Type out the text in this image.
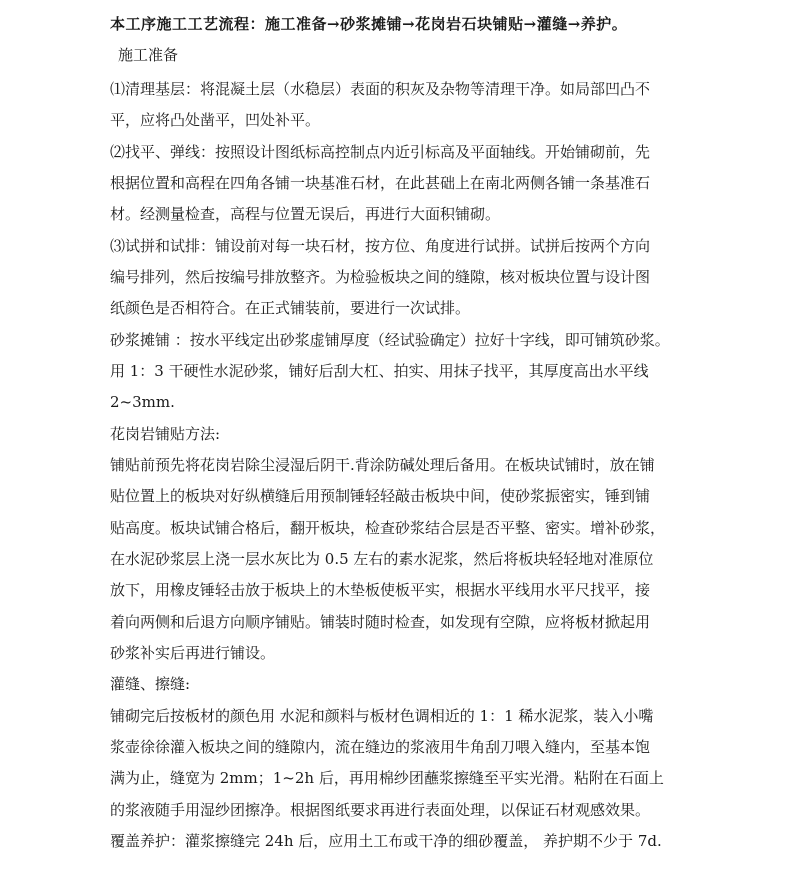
本工序施工工艺流程：施工准备→砂浆摊铺→花岗岩石块铺贴→灌缝→养护。
施工准备
⑴清理基层：将混凝土层（水稳层）表面的积灰及杂物等清理干净。如局部凹凸不
平，应将凸处凿平，凹处补平。
⑵找平、弹线：按照设计图纸标高控制点内近引标高及平面轴线。开始铺砌前，先
根据位置和高程在四角各铺一块基准石材，在此甚础上在南北两侧各铺一条基准石
材。经测量检查，高程与位置无误后，再进行大面积铺砌。
⑶试拼和试排：铺设前对每一块石材，按方位、角度进行试拼。试拼后按两个方向
编号排列，然后按编号排放整齐。为检验板块之间的缝隙，核对板块位置与设计图
纸颜色是否相符合。在正式铺装前，要进行一次试排。
砂浆摊铺 ：按水平线定出砂浆虚铺厚度（经试验确定）拉好十字线，即可铺筑砂浆。
用 1：3 干硬性水泥砂浆，铺好后刮大杠、拍实、用抹子找平，其厚度高出水平线
2~3mm.
花岗岩铺贴方法:
铺贴前预先将花岗岩除尘浸湿后阴干.背涂防碱处理后备用。在板块试铺时，放在铺
贴位置上的板块对好纵横缝后用预制锤轻轻敲击板块中间，使砂浆振密实，锤到铺
贴高度。板块试铺合格后，翻开板块，检查砂浆结合层是否平整、密实。增补砂浆，
在水泥砂浆层上浇一层水灰比为 0.5 左右的素水泥浆，然后将板块轻轻地对准原位
放下，用橡皮锤轻击放于板块上的木垫板使板平实，根据水平线用水平尺找平，接
着向两侧和后退方向顺序铺贴。铺装时随时检查，如发现有空隙，应将板材掀起用
砂浆补实后再进行铺设。
灌缝、擦缝:
铺砌完后按板材的颜色用 水泥和颜料与板材色调相近的 1：1 稀水泥浆，装入小嘴
浆壶徐徐灌入板块之间的缝隙内，流在缝边的浆液用牛角刮刀喂入缝内，至基本饱
满为止，缝宽为 2mm；1~2h 后，再用棉纱团蘸浆擦缝至平实光滑。粘附在石面上
的浆液随手用湿纱团擦净。根据图纸要求再进行表面处理，以保证石材观感效果。
覆盖养护：灌浆擦缝完 24h 后，应用土工布或干净的细砂覆盖， 养护期不少于 7d.
